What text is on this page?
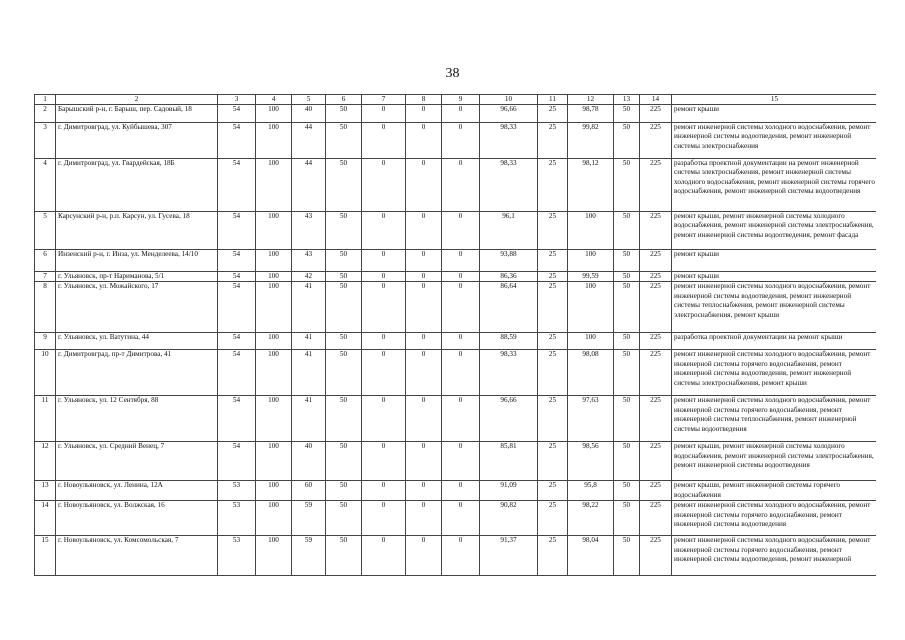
38
1	2	3	4	5	6	7	8	9	10	11	12	13	14	15
2	Барышский р-н, г. Барыш, пер. Садовый, 18	54	100	40	50	0	0	0	96,66	25	98,78	50	225	ремонт крыши
3	г. Димитровград, ул. Куйбышева, 307	54	100	44	50	0	0	0	98,33	25	99,82	50	225	ремонт инженерной системы холодного водоснабжения, ремонт инженерной системы водоотведения, ремонт инженерной системы электроснабжения
4	г. Димитровград, ул. Гвардейская, 18Б	54	100	44	50	0	0	0	98,33	25	98,12	50	225	разработка проектной документации на ремонт инженерной системы электроснабжения, ремонт инженерной системы холодного водоснабжения, ремонт инженерной системы горячего водоснабжения, ремонт инженерной системы водоотведения
5	Карсунский р-н, р.п. Карсун, ул. Гусева, 18	54	100	43	50	0	0	0	96,1	25	100	50	225	ремонт крыши, ремонт инженерной системы холодного водоснабжения, ремонт инженерной системы электроснабжения, ремонт инженерной системы водоотведения, ремонт фасада
6	Инзенский р-н, г. Инза, ул. Менделеева, 14/10	54	100	43	50	0	0	0	93,88	25	100	50	225	ремонт крыши
7	г. Ульяновск, пр-т Нариманова, 5/1	54	100	42	50	0	0	0	86,36	25	99,59	50	225	ремонт крыши
8	г. Ульяновск, ул. Можайского, 17	54	100	41	50	0	0	0	86,64	25	100	50	225	ремонт инженерной системы холодного водоснабжения, ремонт инженерной системы водоотведения, ремонт инженерной системы теплоснабжения, ремонт инженерной системы электроснабжения, ремонт крыши
9	г. Ульяновск, ул. Ватутина, 44	54	100	41	50	0	0	0	88,59	25	100	50	225	разработка проектной документации на ремонт крыши
10	г. Димитровград, пр-т Димитрова, 41	54	100	41	50	0	0	0	98,33	25	98,08	50	225	ремонт инженерной системы холодного водоснабжения, ремонт инженерной системы горячего водоснабжения, ремонт инженерной системы водоотведения, ремонт инженерной системы электроснабжения, ремонт крыши
11	г. Ульяновск, ул. 12 Сентября, 88	54	100	41	50	0	0	0	96,66	25	97,63	50	225	ремонт инженерной системы холодного водоснабжения, ремонт инженерной системы горячего водоснабжения, ремонт инженерной системы теплоснабжения, ремонт инженерной системы водоотведения
12	г. Ульяновск, ул. Средний Венец, 7	54	100	40	50	0	0	0	85,81	25	98,56	50	225	ремонт крыши, ремонт инженерной системы холодного водоснабжения, ремонт инженерной системы электроснабжения, ремонт инженерной системы водоотведения
13	г. Новоульяновск, ул. Ленина, 12А	53	100	60	50	0	0	0	91,09	25	95,8	50	225	ремонт крыши, ремонт инженерной системы горячего водоснабжения
14	г. Новоульяновск, ул. Волжская, 16	53	100	59	50	0	0	0	90,82	25	98,22	50	225	ремонт инженерной системы холодного водоснабжения, ремонт инженерной системы горячего водоснабжения, ремонт инженерной системы водоотведения
15	г. Новоульяновск, ул. Комсомольская, 7	53	100	59	50	0	0	0	91,37	25	98,04	50	225	ремонт инженерной системы холодного водоснабжения, ремонт инженерной системы горячего водоснабжения, ремонт инженерной системы водоотведения, ремонт инженерной
